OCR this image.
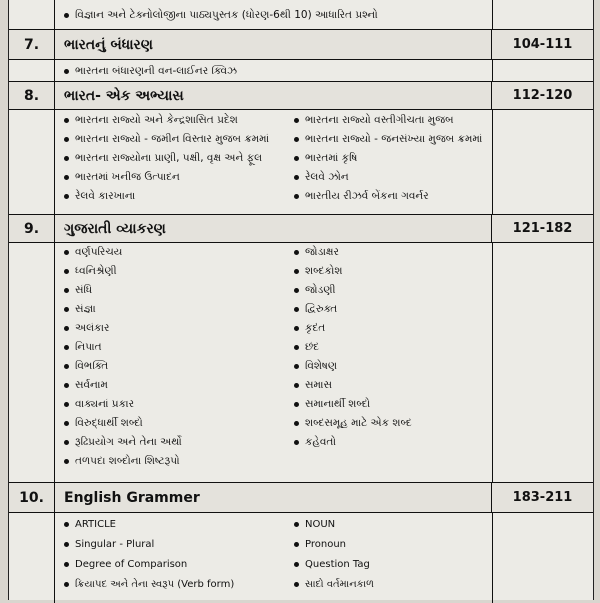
વિજ્ઞાન અને ટેક્નોલોજીના પાઠ્યપુસ્તક (ધોરણ-6થી 10) આધારિત પ્રશ્નો
7.	ભારતનું બંધારણ	104-111
ભારતના બંધારણની વન-લાઈનર ક્વિઝ
8.	ભારત- એક અભ્યાસ	112-120
ભારતના રાજ્યો અને કેન્દ્રશાસિત પ્રદેશ
ભારતના રાજ્યો - જમીન વિસ્તાર મુજબ ક્રમમાં
ભારતના રાજ્યોના પ્રાણી, પક્ષી, વૃક્ષ અને ફૂલ
ભારતમાં ખનીજ ઉત્પાદન
રેલવે કારખાના
ભારતના રાજ્યો વસ્તીગીચતા મુજબ
ભારતના રાજ્યો - જનસંખ્યા મુજબ ક્રમમાં
ભારતમાં કૃષિ
રેલવે ઝોન
ભારતીય રીઝર્વ બેંકના ગવર્નર
9.	ગુજરાતી વ્યાકરણ	121-182
વર્ણપરિચય
ધ્વનિશ્રેણી
સંધિ
સંજ્ઞા
અલંકાર
નિપાત
વિભક્તિ
સર્વનામ
વાક્યનાં પ્રકાર
વિરુદ્ધાર્થી શબ્દો
રૂઢિપ્રયોગ અને તેના અર્થો
તળપદા શબ્દોના શિષ્ટરૂપો
જોડાક્ષર
શબ્દકોશ
જોડણી
દ્વિરુક્ત
કૃદંત
છંદ
વિશેષણ
સમાસ
સમાનાર્થી શબ્દો
શબ્દસમૂહ માટે એક શબ્દ
કહેવતો
10.	English Grammer	183-211
ARTICLE
Singular - Plural
Degree of Comparison
ક્રિયાપદ અને તેના સ્વરૂપ (Verb form)
NOUN
Pronoun
Question Tag
સાદો વર્તમાનકાળ
